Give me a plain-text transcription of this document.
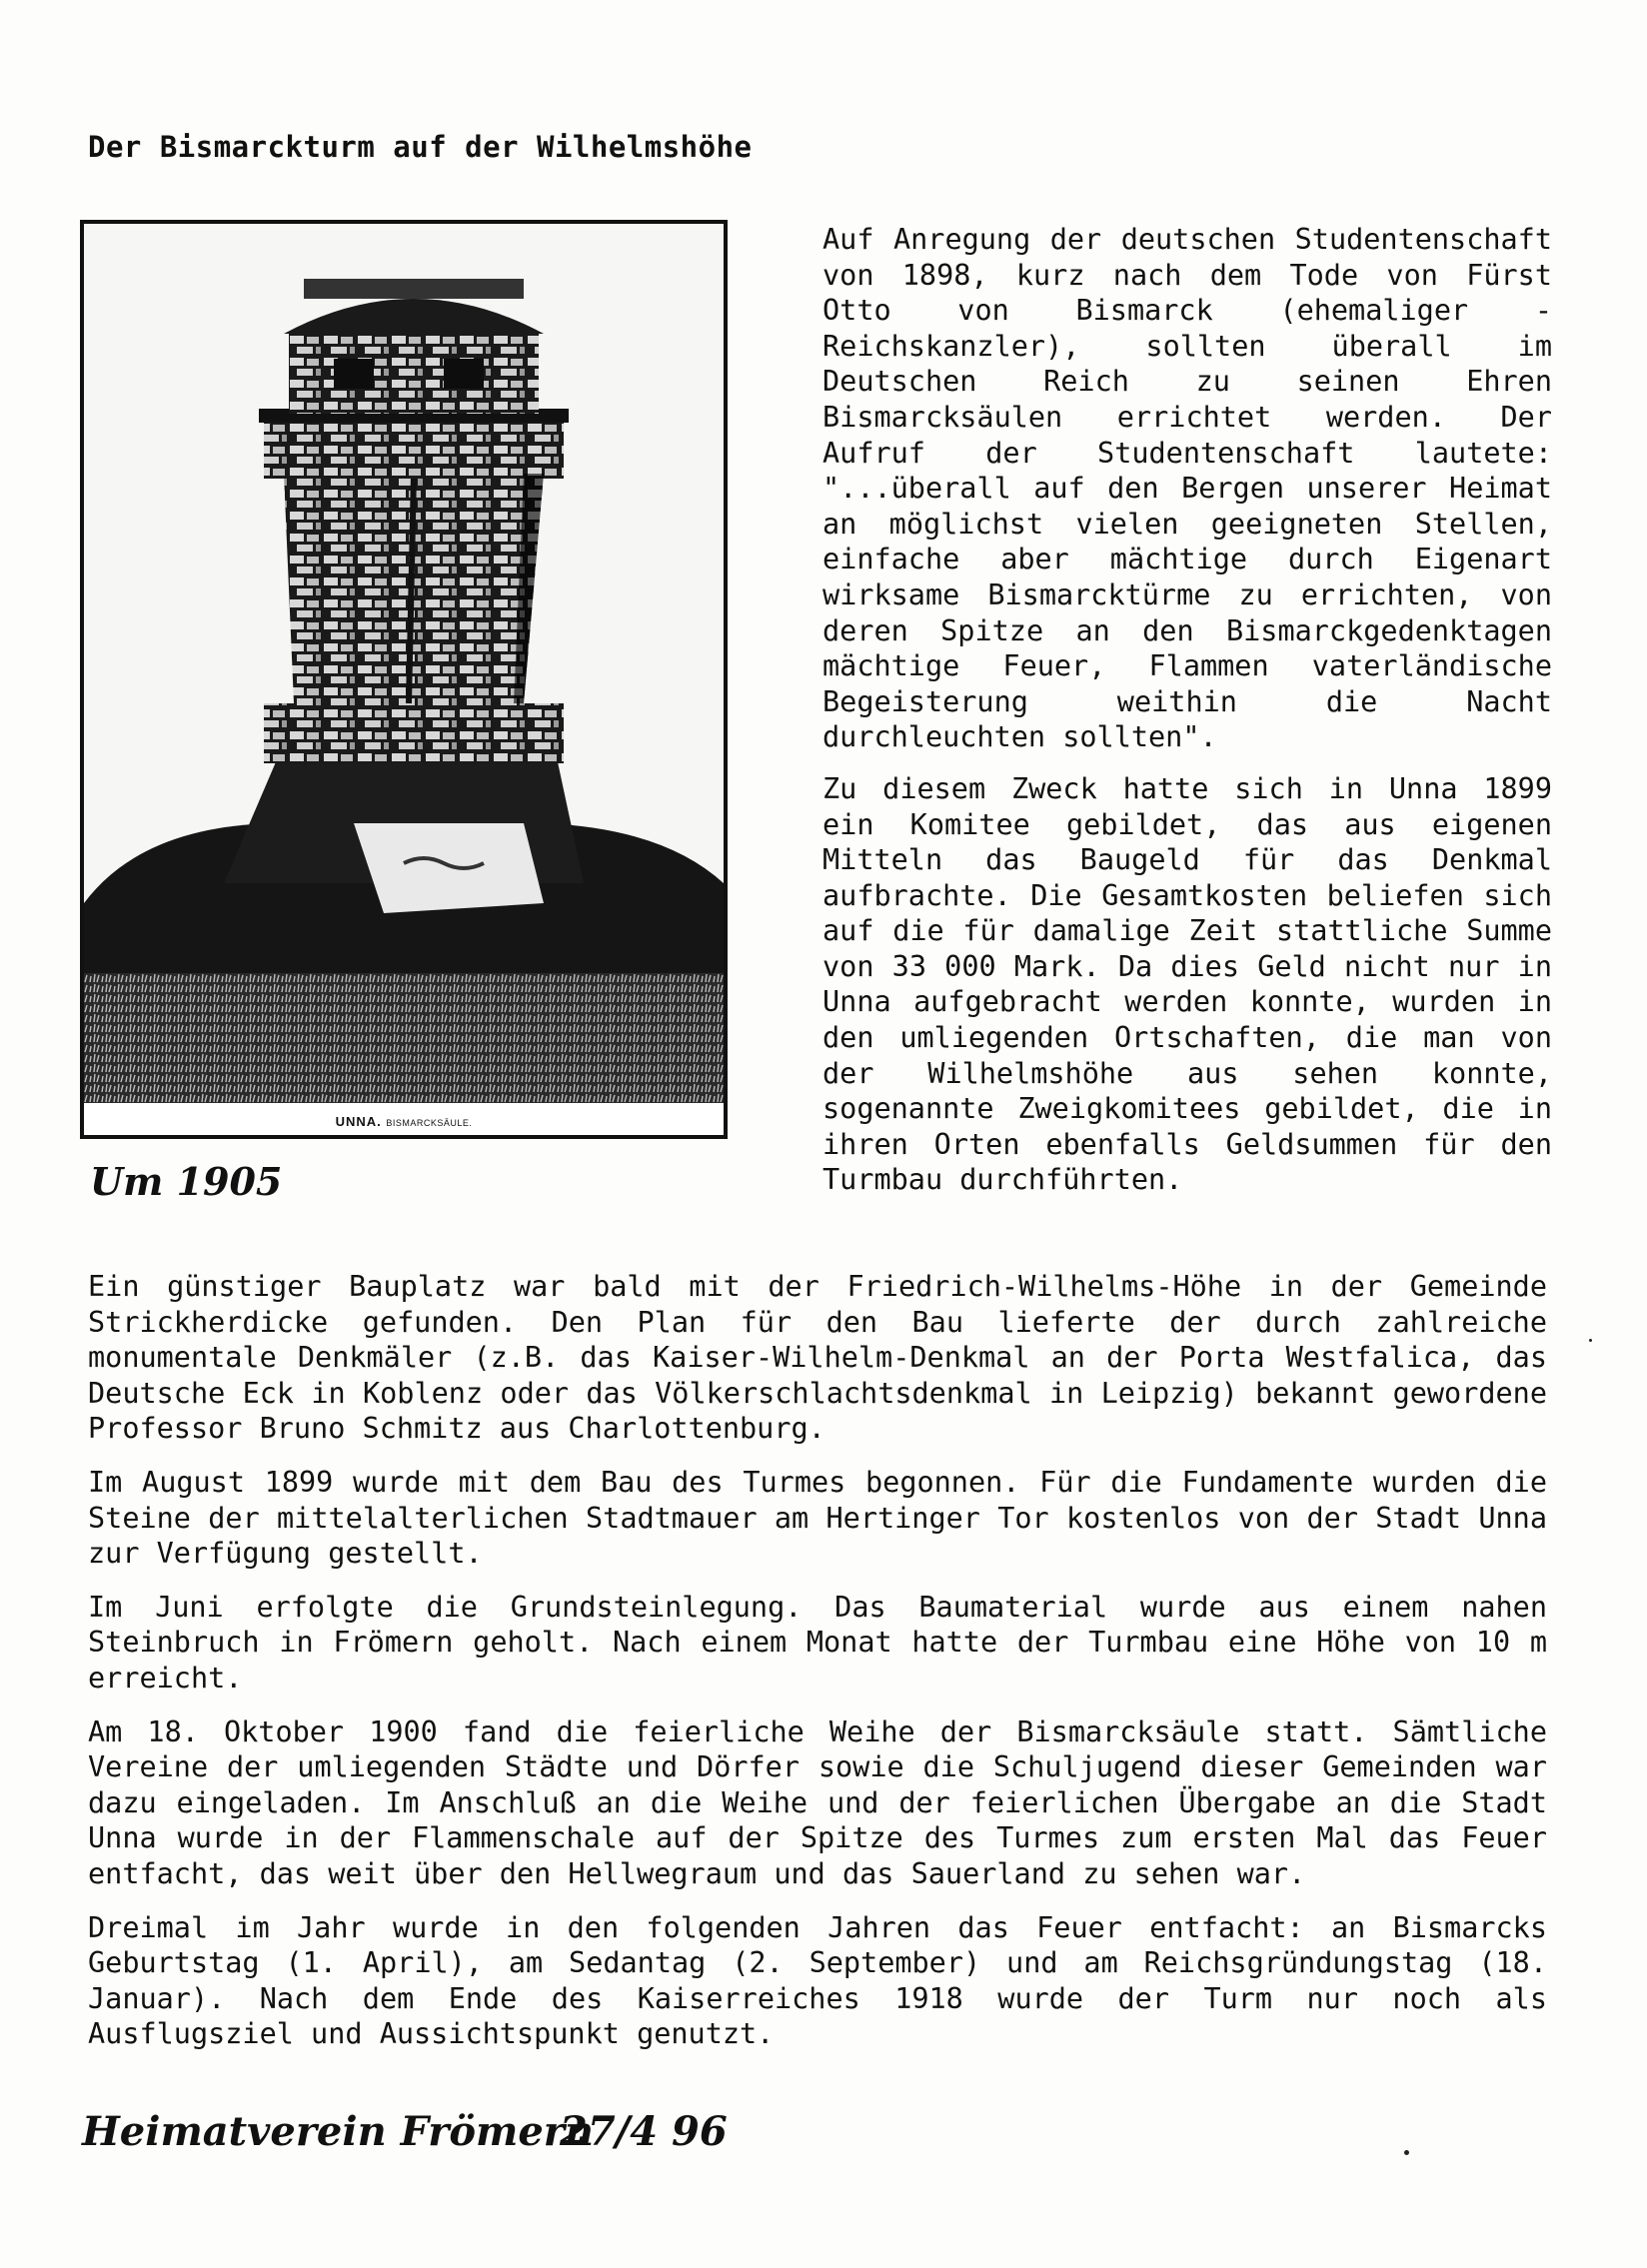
Der Bismarckturm auf der Wilhelmshöhe
UNNA. BISMARCKSÄULE.
Um 1905

Auf Anregung der deutschen Studentenschaft von 1898, kurz nach dem Tode von Fürst Otto von Bismarck (ehemaliger - Reichskanzler), sollten überall im Deutschen Reich zu seinen Ehren Bismarcksäulen errichtet werden. Der Aufruf der Studentenschaft lautete: "...überall auf den Bergen unserer Heimat an möglichst vielen geeigneten Stellen, einfache aber mächtige durch Eigenart wirksame Bismarcktürme zu errichten, von deren Spitze an den Bismarckgedenktagen mächtige Feuer, Flammen vaterländische Begeisterung weithin die Nacht durchleuchten sollten".

Zu diesem Zweck hatte sich in Unna 1899 ein Komitee gebildet, das aus eigenen Mitteln das Baugeld für das Denkmal aufbrachte. Die Gesamtkosten beliefen sich auf die für damalige Zeit stattliche Summe von 33 000 Mark. Da dies Geld nicht nur in Unna aufgebracht werden konnte, wurden in den umliegenden Ortschaften, die man von der Wilhelmshöhe aus sehen konnte, sogenannte Zweigkomitees gebildet, die in ihren Orten ebenfalls Geldsummen für den Turmbau durchführten.

Ein günstiger Bauplatz war bald mit der Friedrich-Wilhelms-Höhe in der Gemeinde Strickherdicke gefunden. Den Plan für den Bau lieferte der durch zahlreiche monumentale Denkmäler (z.B. das Kaiser-Wilhelm-Denkmal an der Porta Westfalica, das Deutsche Eck in Koblenz oder das Völkerschlachtsdenkmal in Leipzig) bekannt gewordene Professor Bruno Schmitz aus Charlottenburg.

Im August 1899 wurde mit dem Bau des Turmes begonnen. Für die Fundamente wurden die Steine der mittelalterlichen Stadtmauer am Hertinger Tor kostenlos von der Stadt Unna zur Verfügung gestellt.

Im Juni erfolgte die Grundsteinlegung. Das Baumaterial wurde aus einem nahen Steinbruch in Frömern geholt. Nach einem Monat hatte der Turmbau eine Höhe von 10 m erreicht.

Am 18. Oktober 1900 fand die feierliche Weihe der Bismarcksäule statt. Sämtliche Vereine der umliegenden Städte und Dörfer sowie die Schuljugend dieser Gemeinden war dazu eingeladen. Im Anschluß an die Weihe und der feierlichen Übergabe an die Stadt Unna wurde in der Flammenschale auf der Spitze des Turmes zum ersten Mal das Feuer entfacht, das weit über den Hellwegraum und das Sauerland zu sehen war.

Dreimal im Jahr wurde in den folgenden Jahren das Feuer entfacht: an Bismarcks Geburtstag (1. April), am Sedantag (2. September) und am Reichsgründungstag (18. Januar). Nach dem Ende des Kaiserreiches 1918 wurde der Turm nur noch als Ausflugsziel und Aussichtspunkt genutzt.

Heimatverein Frömern
27/4 96
